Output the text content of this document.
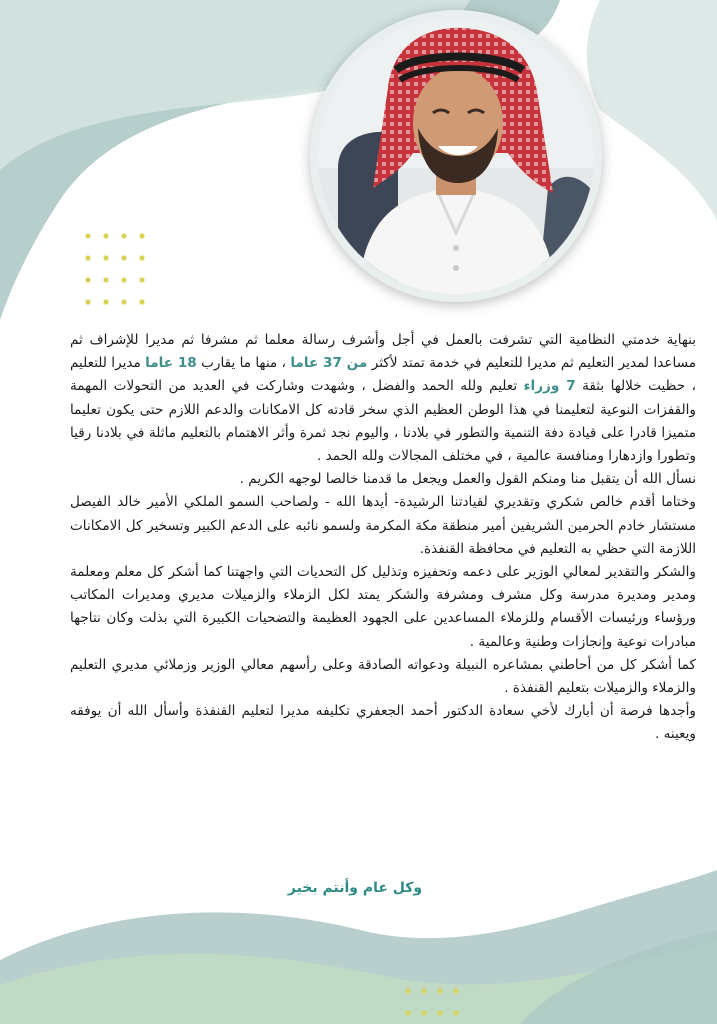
بنهاية خدمتي النظامية التي تشرفت بالعمل في أجل وأشرف رسالة معلما ثم مشرفا ثم مديرا للإشراف ثم مساعدا لمدير التعليم ثم مديرا للتعليم في خدمة تمتد لأكثر من 37 عاما ، منها ما يقارب 18 عاما مديرا للتعليم ، حظيت خلالها بثقة 7 وزراء تعليم ولله الحمد والفضل ، وشهدت وشاركت في العديد من التحولات المهمة والقفزات النوعية لتعليمنا في هذا الوطن العظيم الذي سخر قادته كل الامكانات والدعم اللازم حتى يكون تعليما متميزا قادرا على قيادة دفة التنمية والتطور في بلادنا ، واليوم نجد ثمرة وأثر الاهتمام بالتعليم ماثلة في بلادنا رقيا وتطورا وازدهارا ومنافسة عالمية ، في مختلف المجالات ولله الحمد .

نسأل الله أن يتقبل منا ومنكم القول والعمل ويجعل ما قدمنا خالصا لوجهه الكريم .

وختاما أقدم خالص شكري وتقديري لقيادتنا الرشيدة- أيدها الله - ولصاحب السمو الملكي الأمير خالد الفيصل مستشار خادم الحرمين الشريفين أمير منطقة مكة المكرمة ولسمو نائبه على الدعم الكبير وتسخير كل الامكانات اللازمة التي حظي به التعليم في محافظة القنفذة.

والشكر والتقدير لمعالي الوزير على دعمه وتحفيزه وتذليل كل التحديات التي واجهتنا كما أشكر كل معلم ومعلمة ومدير ومديرة مدرسة وكل مشرف ومشرفة والشكر يمتد لكل الزملاء والزميلات مديري ومديرات المكاتب ورؤساء ورئيسات الأقسام وللزملاء المساعدين على الجهود العظيمة والتضحيات الكبيرة التي بذلت وكان نتاجها مبادرات نوعية وإنجازات وطنية وعالمية .

كما أشكر كل من أحاطني بمشاعره النبيلة ودعواته الصادقة وعلى رأسهم معالي الوزير وزملائي مديري التعليم والزملاء والزميلات بتعليم القنفذة .

وأجدها فرصة أن أبارك لأخي سعادة الدكتور أحمد الجعفري تكليفه مديرا لتعليم القنفذة وأسأل الله أن يوفقه ويعينه .

وكل عام وأنتم بخير
